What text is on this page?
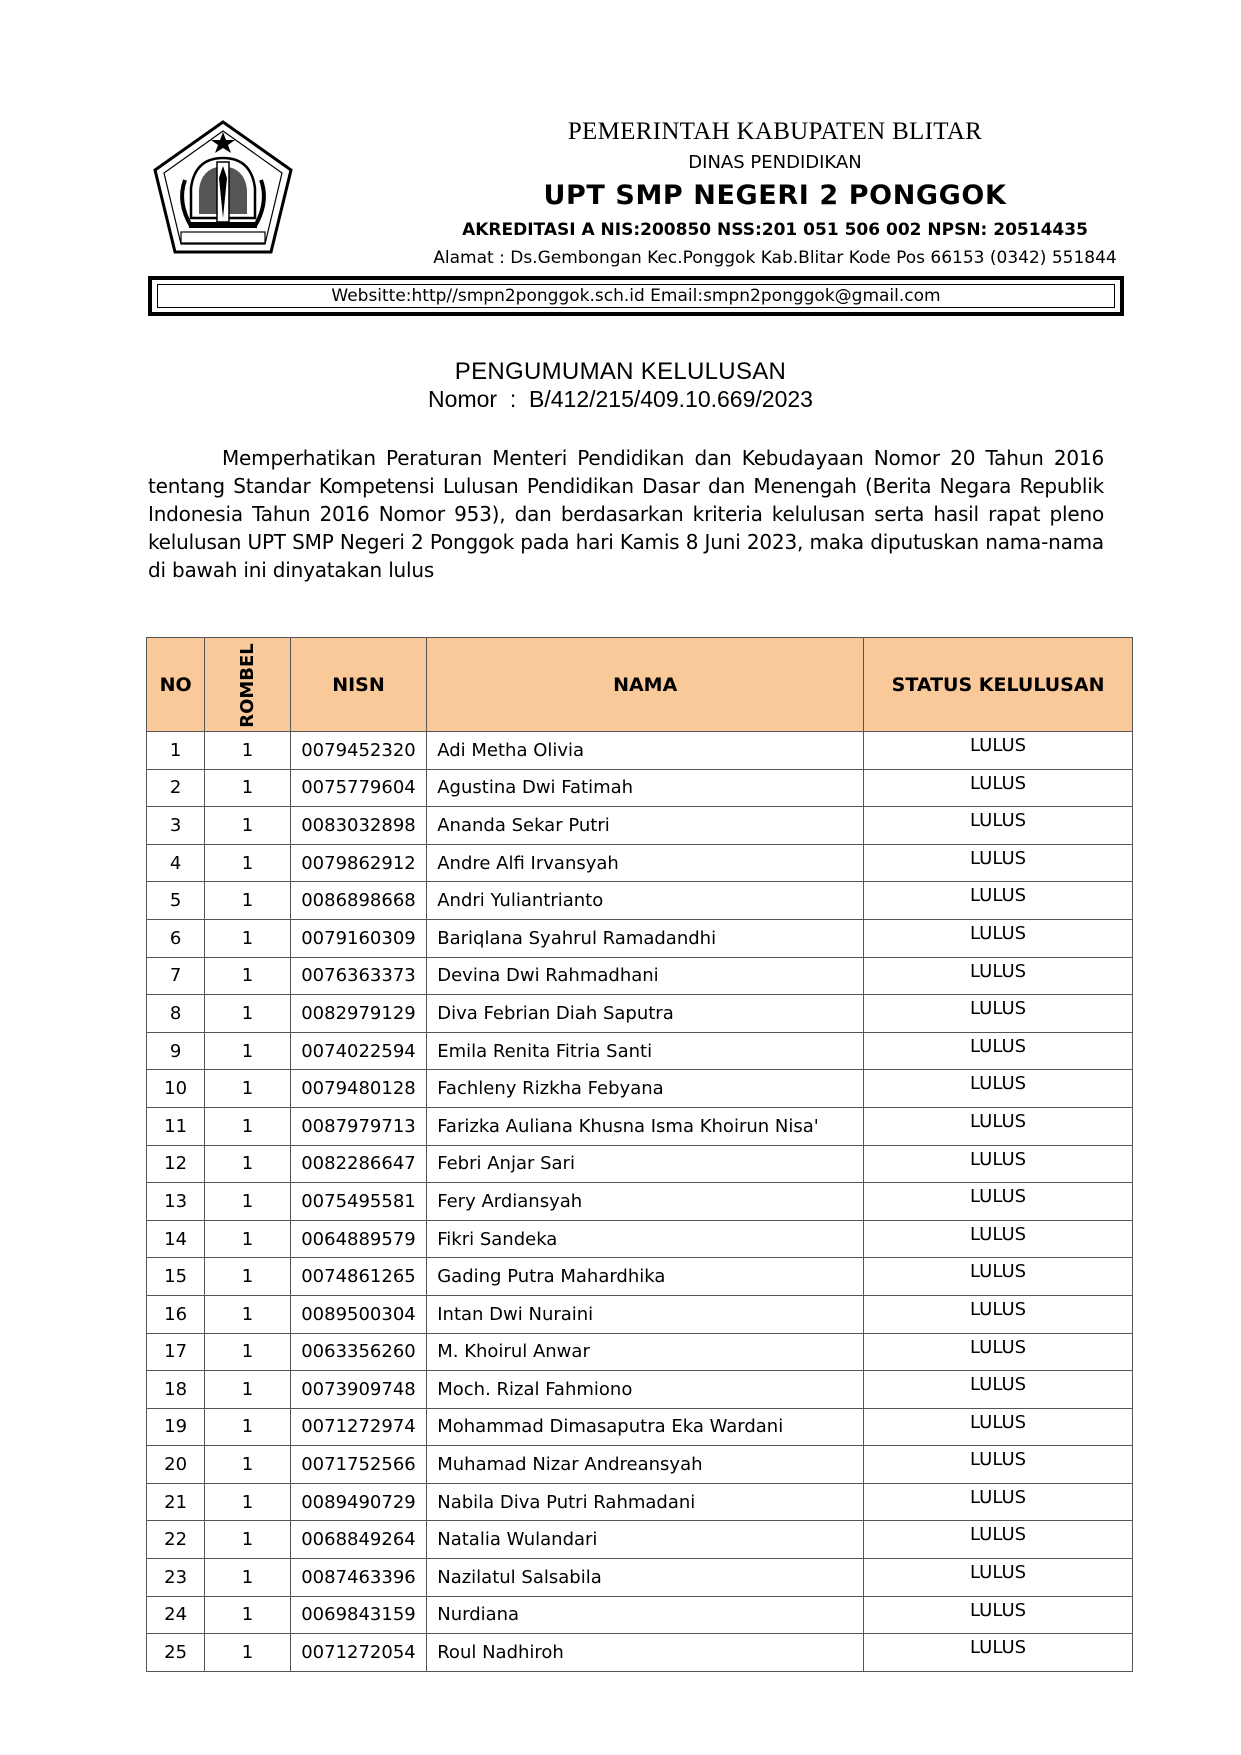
PEMERINTAH KABUPATEN BLITAR
DINAS PENDIDIKAN
UPT SMP NEGERI 2 PONGGOK
AKREDITASI A NIS:200850 NSS:201 051 506 002 NPSN: 20514435
Alamat : Ds.Gembongan Kec.Ponggok Kab.Blitar Kode Pos 66153 (0342) 551844
Websitte:http//smpn2ponggok.sch.id Email:smpn2ponggok@gmail.com
PENGUMUMAN KELULUSAN
Nomor  :  B/412/215/409.10.669/2023
Memperhatikan Peraturan Menteri Pendidikan dan Kebudayaan Nomor 20 Tahun 2016 tentang Standar Kompetensi Lulusan Pendidikan Dasar dan Menengah (Berita Negara Republik Indonesia Tahun 2016 Nomor 953), dan berdasarkan kriteria kelulusan serta hasil rapat pleno kelulusan UPT SMP Negeri 2 Ponggok pada hari Kamis 8 Juni 2023, maka diputuskan nama-nama di bawah ini dinyatakan lulus
NO	ROMBEL	NISN	NAMA	STATUS KELULUSAN
1	1	0079452320	Adi Metha Olivia	LULUS
2	1	0075779604	Agustina Dwi Fatimah	LULUS
3	1	0083032898	Ananda Sekar Putri	LULUS
4	1	0079862912	Andre Alfi Irvansyah	LULUS
5	1	0086898668	Andri Yuliantrianto	LULUS
6	1	0079160309	Bariqlana Syahrul Ramadandhi	LULUS
7	1	0076363373	Devina Dwi Rahmadhani	LULUS
8	1	0082979129	Diva Febrian Diah Saputra	LULUS
9	1	0074022594	Emila Renita Fitria Santi	LULUS
10	1	0079480128	Fachleny Rizkha Febyana	LULUS
11	1	0087979713	Farizka Auliana Khusna Isma Khoirun Nisa'	LULUS
12	1	0082286647	Febri Anjar Sari	LULUS
13	1	0075495581	Fery Ardiansyah	LULUS
14	1	0064889579	Fikri Sandeka	LULUS
15	1	0074861265	Gading Putra Mahardhika	LULUS
16	1	0089500304	Intan Dwi Nuraini	LULUS
17	1	0063356260	M. Khoirul Anwar	LULUS
18	1	0073909748	Moch. Rizal Fahmiono	LULUS
19	1	0071272974	Mohammad Dimasaputra Eka Wardani	LULUS
20	1	0071752566	Muhamad Nizar Andreansyah	LULUS
21	1	0089490729	Nabila Diva Putri Rahmadani	LULUS
22	1	0068849264	Natalia Wulandari	LULUS
23	1	0087463396	Nazilatul Salsabila	LULUS
24	1	0069843159	Nurdiana	LULUS
25	1	0071272054	Roul Nadhiroh	LULUS
